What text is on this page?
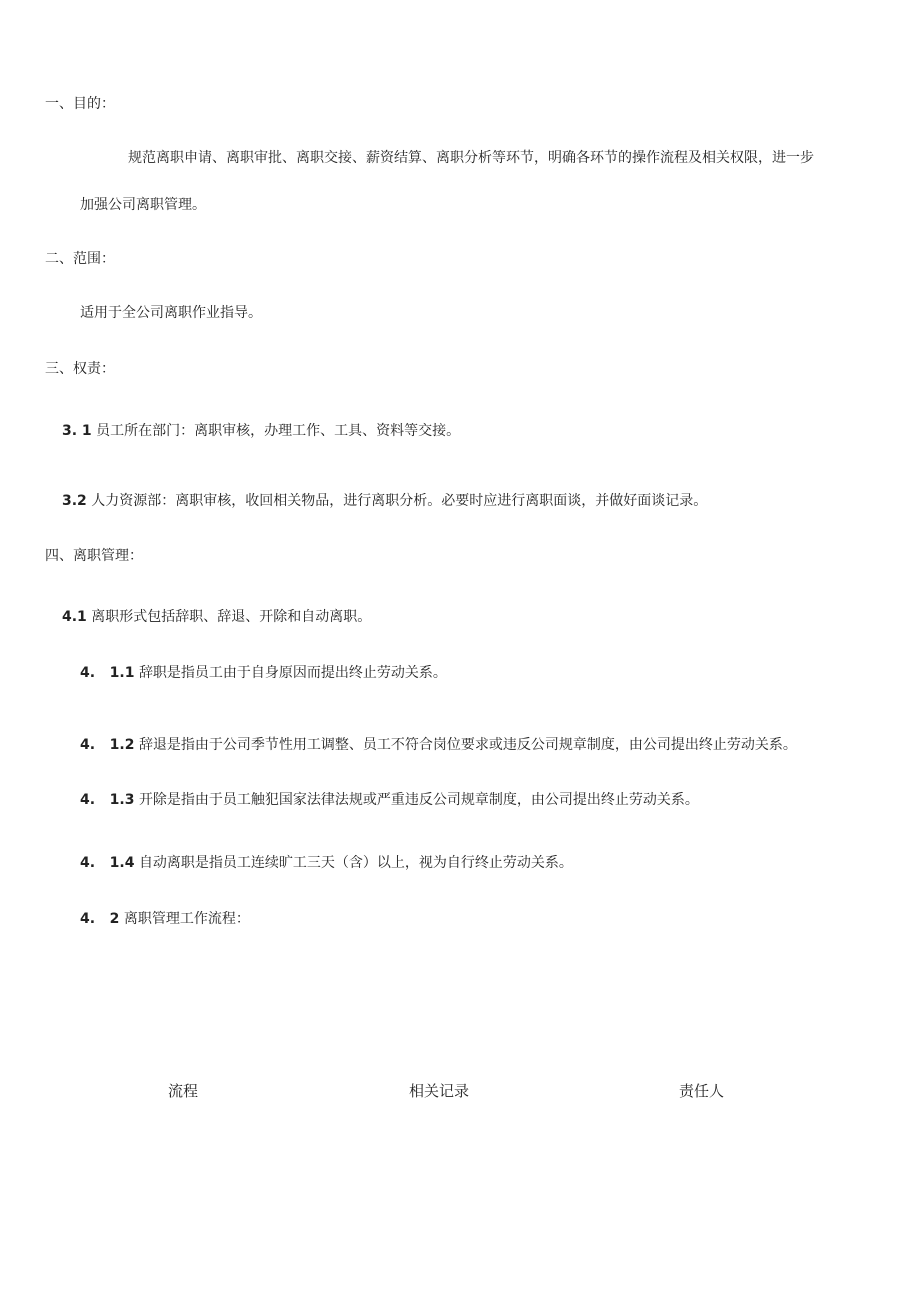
一、目的：
规范离职申请、离职审批、离职交接、薪资结算、离职分析等环节，明确各环节的操作流程及相关权限，进一步
加强公司离职管理。
二、范围：
适用于全公司离职作业指导。
三、权责：
3. 1 员工所在部门：离职审核，办理工作、工具、资料等交接。
3.2 人力资源部：离职审核，收回相关物品，进行离职分析。必要时应进行离职面谈，并做好面谈记录。
四、离职管理：
4.1 离职形式包括辞职、辞退、开除和自动离职。
4.   1.1 辞职是指员工由于自身原因而提出终止劳动关系。
4.   1.2 辞退是指由于公司季节性用工调整、员工不符合岗位要求或违反公司规章制度，由公司提出终止劳动关系。
4.   1.3 开除是指由于员工触犯国家法律法规或严重违反公司规章制度，由公司提出终止劳动关系。
4.   1.4 自动离职是指员工连续旷工三天（含）以上，视为自行终止劳动关系。
4.   2 离职管理工作流程：
流程	相关记录	责任人
